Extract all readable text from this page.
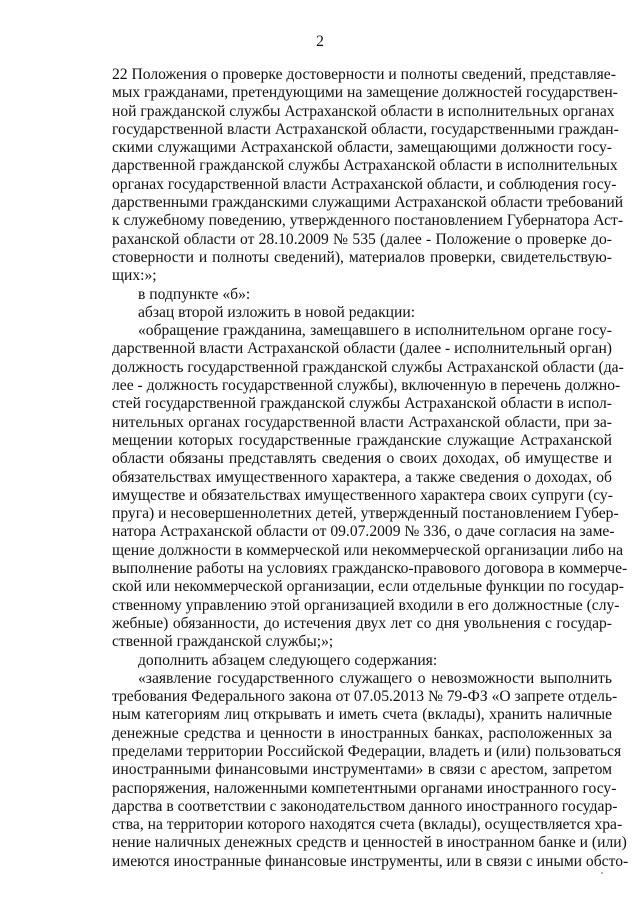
2
22 Положения о проверке достоверности и полноты сведений, представляе-
мых гражданами, претендующими на замещение должностей государствен-
ной гражданской службы Астраханской области в исполнительных органах
государственной власти Астраханской области, государственными граждан-
скими служащими Астраханской области, замещающими должности госу-
дарственной гражданской службы Астраханской области в исполнительных
органах государственной власти Астраханской области, и соблюдения госу-
дарственными гражданскими служащими Астраханской области требований
к служебному поведению, утвержденного постановлением Губернатора Аст-
раханской области от 28.10.2009 № 535 (далее - Положение о проверке до-
стоверности и полноты сведений), материалов проверки, свидетельствую-
щих:»;
в подпункте «б»:
абзац второй изложить в новой редакции:
«обращение гражданина, замещавшего в исполнительном органе госу-
дарственной власти Астраханской области (далее - исполнительный орган)
должность государственной гражданской службы Астраханской области (да-
лее - должность государственной службы), включенную в перечень должно-
стей государственной гражданской службы Астраханской области в испол-
нительных органах государственной власти Астраханской области, при за-
мещении которых государственные гражданские служащие Астраханской
области обязаны представлять сведения о своих доходах, об имуществе и
обязательствах имущественного характера, а также сведения о доходах, об
имуществе и обязательствах имущественного характера своих супруги (су-
пруга) и несовершеннолетних детей, утвержденный постановлением Губер-
натора Астраханской области от 09.07.2009 № 336, о даче согласия на заме-
щение должности в коммерческой или некоммерческой организации либо на
выполнение работы на условиях гражданско-правового договора в коммерче-
ской или некоммерческой организации, если отдельные функции по государ-
ственному управлению этой организацией входили в его должностные (слу-
жебные) обязанности, до истечения двух лет со дня увольнения с государ-
ственной гражданской службы;»;
дополнить абзацем следующего содержания:
«заявление государственного служащего о невозможности выполнить
требования Федерального закона от 07.05.2013 № 79-ФЗ «О запрете отдель-
ным категориям лиц открывать и иметь счета (вклады), хранить наличные
денежные средства и ценности в иностранных банках, расположенных за
пределами территории Российской Федерации, владеть и (или) пользоваться
иностранными финансовыми инструментами» в связи с арестом, запретом
распоряжения, наложенными компетентными органами иностранного госу-
дарства в соответствии с законодательством данного иностранного государ-
ства, на территории которого находятся счета (вклады), осуществляется хра-
нение наличных денежных средств и ценностей в иностранном банке и (или)
имеются иностранные финансовые инструменты, или в связи с иными обсто-
